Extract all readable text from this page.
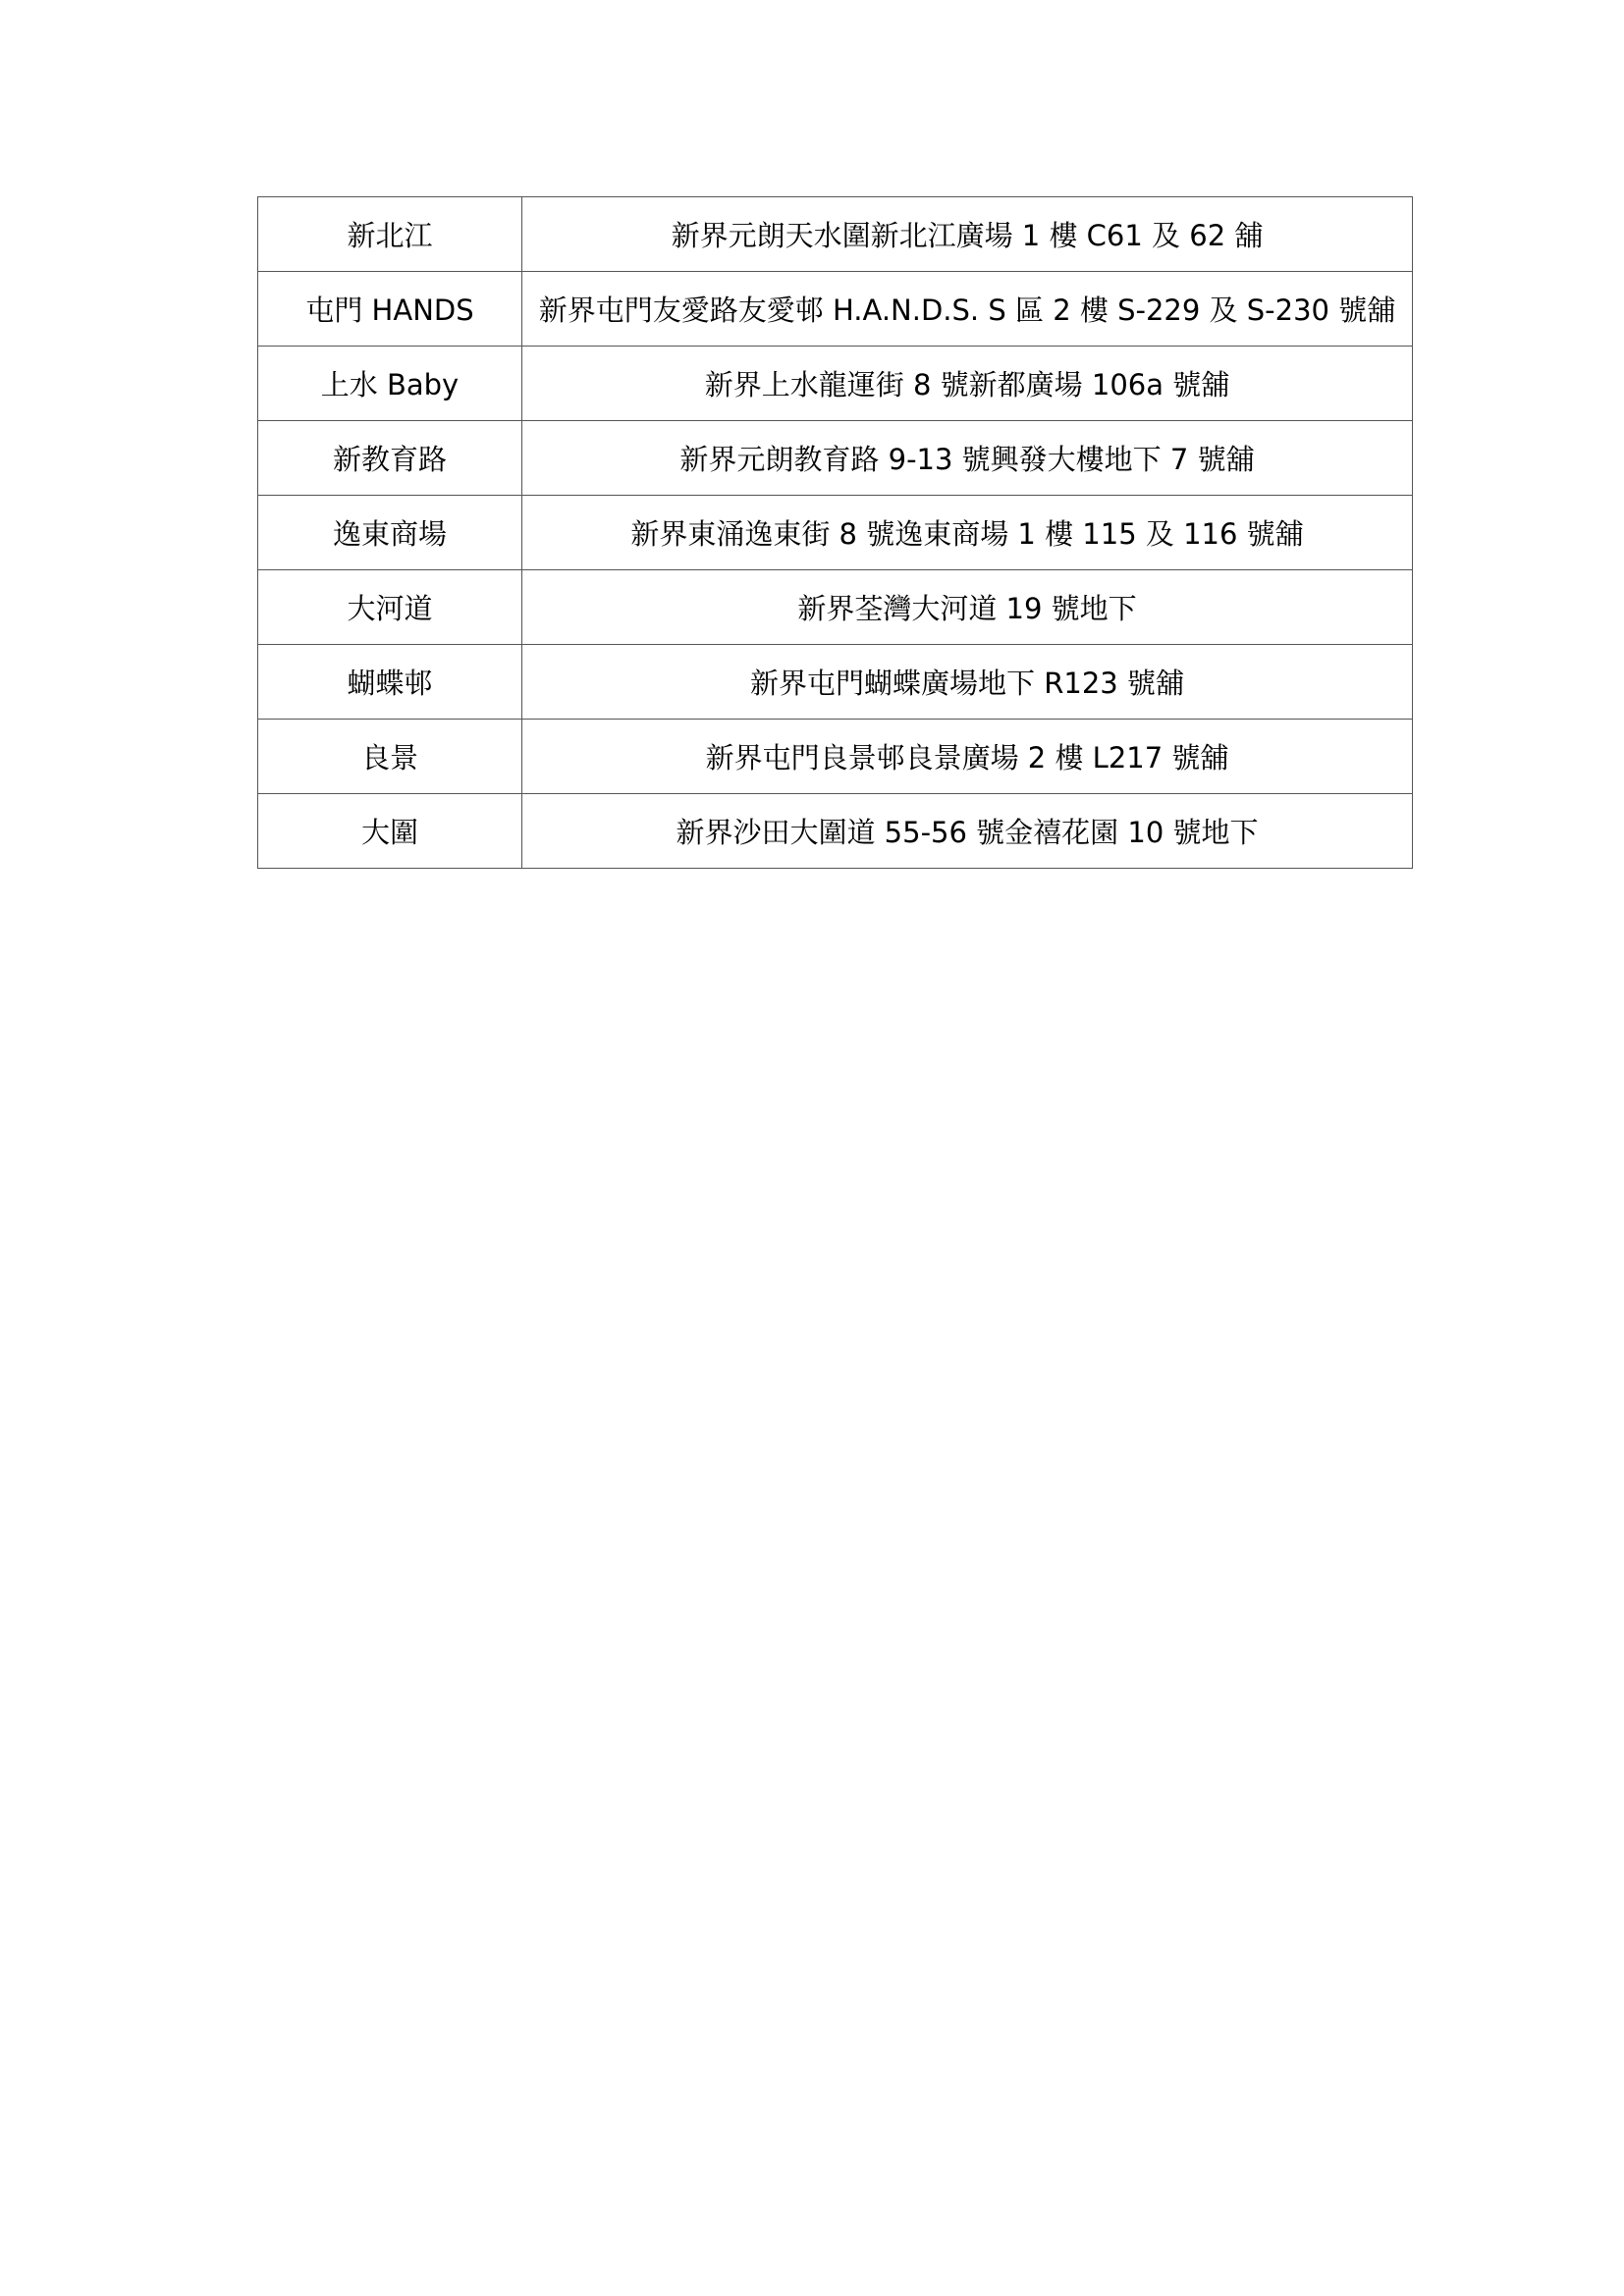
新北江	新界元朗天水圍新北江廣場 1 樓 C61 及 62 舖
屯門 HANDS	新界屯門友愛路友愛邨 H.A.N.D.S. S 區 2 樓 S-229 及 S-230 號舖
上水 Baby	新界上水龍運街 8 號新都廣場 106a 號舖
新教育路	新界元朗教育路 9-13 號興發大樓地下 7 號舖
逸東商場	新界東涌逸東街 8 號逸東商場 1 樓 115 及 116 號舖
大河道	新界荃灣大河道 19 號地下
蝴蝶邨	新界屯門蝴蝶廣場地下 R123 號舖
良景	新界屯門良景邨良景廣場 2 樓 L217 號舖
大圍	新界沙田大圍道 55-56 號金禧花園 10 號地下
